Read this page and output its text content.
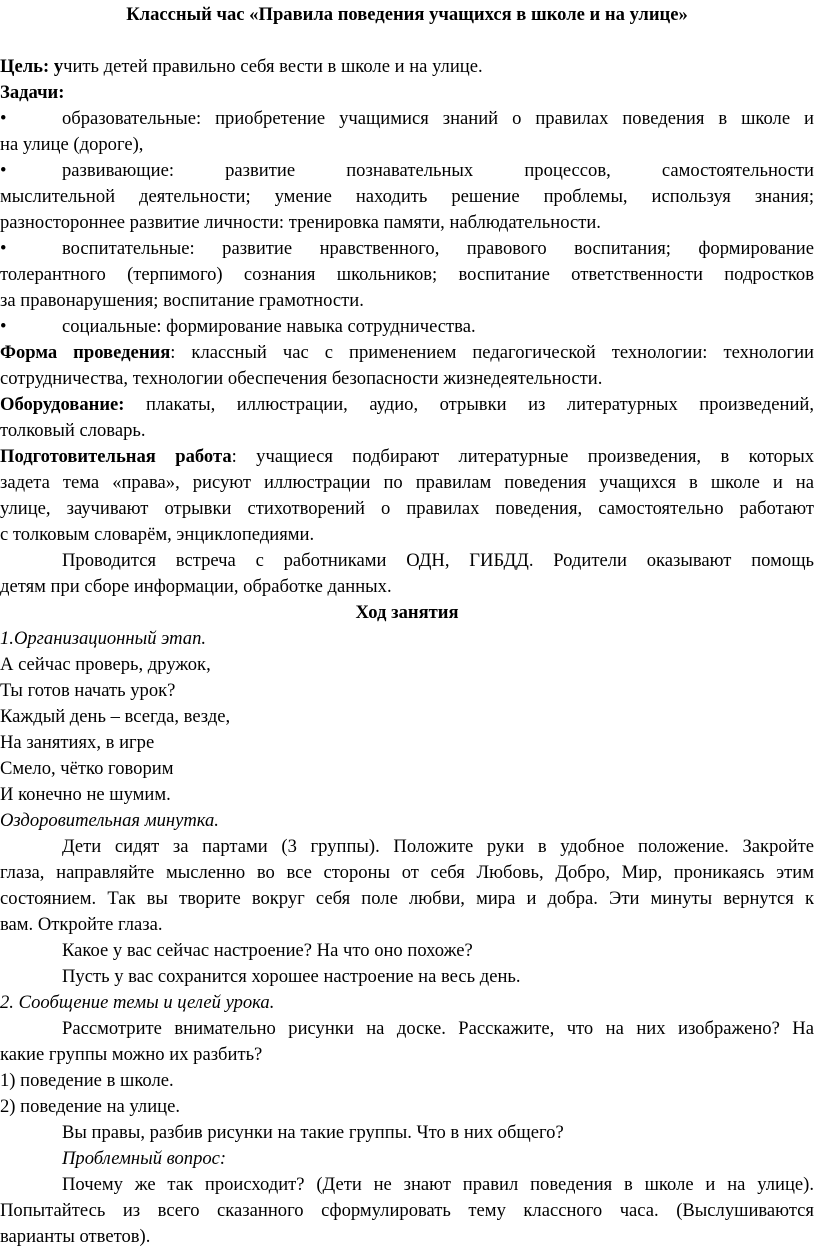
Классный час «Правила поведения учащихся в школе и на улице»
Цель: учить детей правильно себя вести в школе и на улице.
Задачи:
•	образовательные: приобретение учащимися знаний о правилах поведения в школе и
на улице (дороге),
•	развивающие: развитие познавательных процессов, самостоятельности
мыслительной деятельности; умение находить решение проблемы, используя знания;
разностороннее развитие личности: тренировка памяти, наблюдательности.
•	воспитательные: развитие нравственного, правового воспитания; формирование
толерантного (терпимого) сознания школьников; воспитание ответственности подростков
за правонарушения; воспитание грамотности.
•	социальные: формирование навыка сотрудничества.
Форма проведения: классный час с применением педагогической технологии: технологии
сотрудничества, технологии обеспечения безопасности жизнедеятельности.
Оборудование: плакаты, иллюстрации, аудио, отрывки из литературных произведений,
толковый словарь.
Подготовительная работа: учащиеся подбирают литературные произведения, в которых
задета тема «права», рисуют иллюстрации по правилам поведения учащихся в школе и на
улице, заучивают отрывки стихотворений о правилах поведения, самостоятельно работают
с толковым словарём, энциклопедиями.
Проводится встреча с работниками ОДН, ГИБДД. Родители оказывают помощь
детям при сборе информации, обработке данных.
Ход занятия
1.Организационный этап.
А сейчас проверь, дружок,
Ты готов начать урок?
Каждый день – всегда, везде,
На занятиях, в игре
Смело, чётко говорим
И конечно не шумим.
Оздоровительная минутка.
Дети сидят за партами (3 группы). Положите руки в удобное положение. Закройте
глаза, направляйте мысленно во все стороны от себя Любовь, Добро, Мир, проникаясь этим
состоянием. Так вы творите вокруг себя поле любви, мира и добра. Эти минуты вернутся к
вам. Откройте глаза.
Какое у вас сейчас настроение? На что оно похоже?
Пусть у вас сохранится хорошее настроение на весь день.
2. Сообщение темы и целей урока.
Рассмотрите внимательно рисунки на доске. Расскажите, что на них изображено? На
какие группы можно их разбить?
1) поведение в школе.
2) поведение на улице.
Вы правы, разбив рисунки на такие группы. Что в них общего?
Проблемный вопрос:
Почему же так происходит? (Дети не знают правил поведения в школе и на улице).
Попытайтесь из всего сказанного сформулировать тему классного часа. (Выслушиваются
варианты ответов).
